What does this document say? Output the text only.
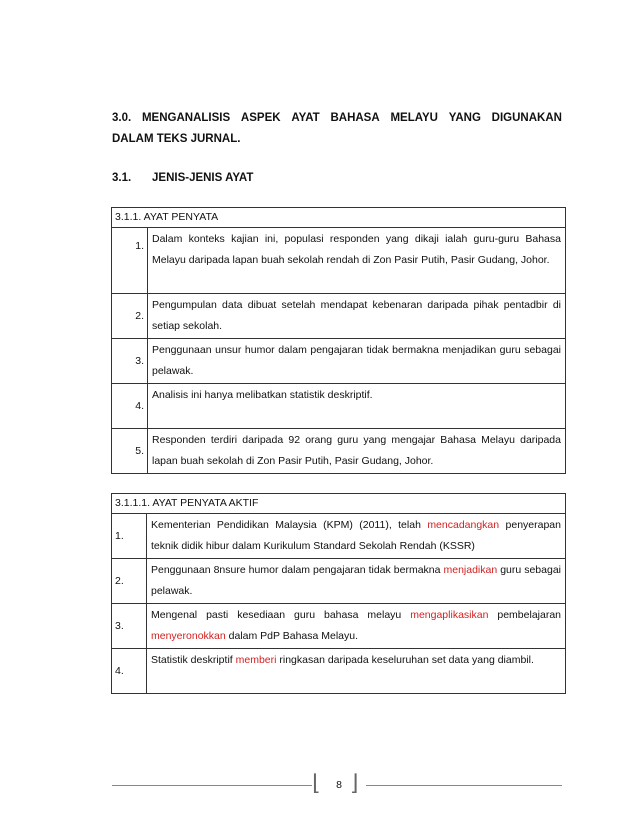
3.0. MENGANALISIS ASPEK AYAT BAHASA MELAYU YANG DIGUNAKAN
DALAM TEKS JURNAL.
3.1. JENIS-JENIS AYAT
3.1.1. AYAT PENYATA	
1.	Dalam konteks kajian ini, populasi responden yang dikaji ialah guru-guru Bahasa Melayu daripada lapan buah sekolah rendah di Zon Pasir Putih, Pasir Gudang, Johor.
2.	Pengumpulan data dibuat setelah mendapat kebenaran daripada pihak pentadbir di setiap sekolah.
3.	Penggunaan unsur humor dalam pengajaran tidak bermakna menjadikan guru sebagai pelawak.
4.	Analisis ini hanya melibatkan statistik deskriptif.
5.	Responden terdiri daripada 92 orang guru yang mengajar Bahasa Melayu daripada lapan buah sekolah di Zon Pasir Putih, Pasir Gudang, Johor.
3.1.1.1. AYAT PENYATA AKTIF	
1.	Kementerian Pendidikan Malaysia (KPM) (2011), telah mencadangkan penyerapan teknik didik hibur dalam Kurikulum Standard Sekolah Rendah (KSSR)
2.	Penggunaan 8nsure humor dalam pengajaran tidak bermakna menjadikan guru sebagai pelawak.
3.	Mengenal pasti kesediaan guru bahasa melayu mengaplikasikan pembelajaran menyeronokkan dalam PdP Bahasa Melayu.
4.	Statistik deskriptif memberi ringkasan daripada keseluruhan set data yang diambil.
⌊	8 ⌋
